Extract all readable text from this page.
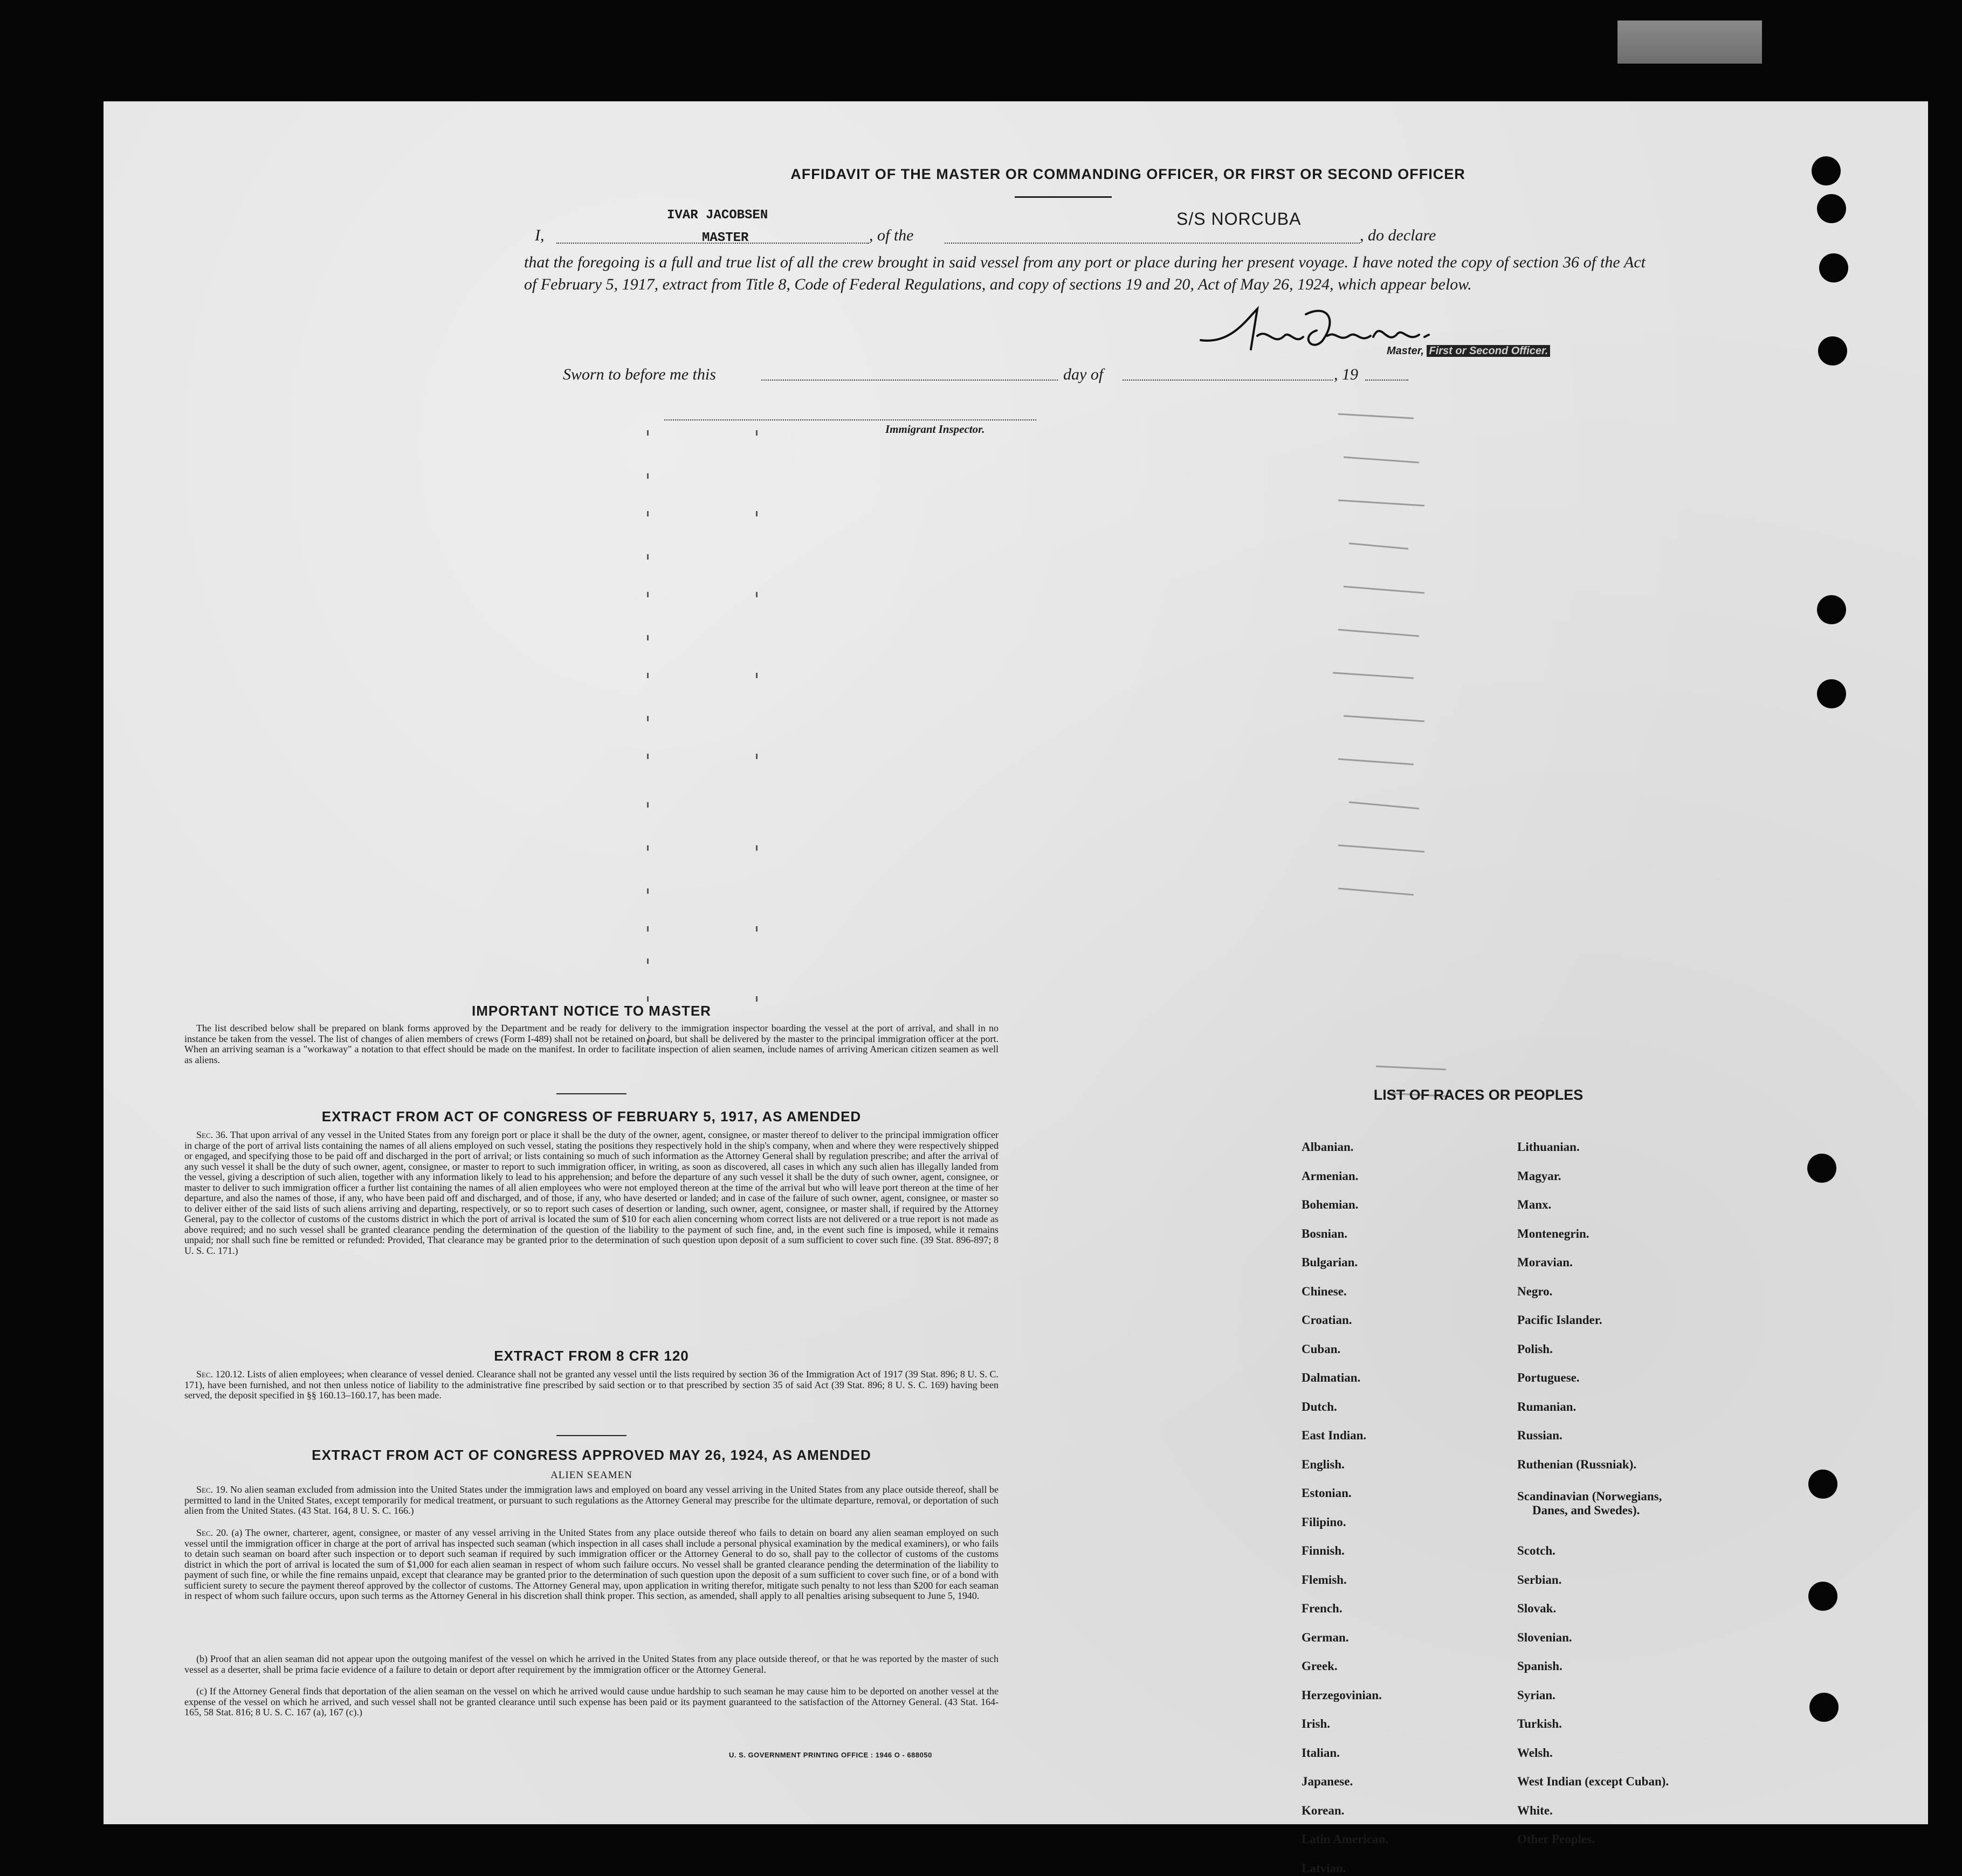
AFFIDAVIT OF THE MASTER OR COMMANDING OFFICER, OR FIRST OR SECOND OFFICER
I,
IVAR JACOBSEN
MASTER	, of the
S/S NORCUBA
, do declare
that the foregoing is a full and true list of all the crew brought in said vessel from any port or place during her present voyage. I have noted the copy of section 36 of the Act of February 5, 1917, extract from Title 8, Code of Federal Regulations, and copy of sections 19 and 20, Act of May 26, 1924, which appear below.
Master, First or Second Officer.
Sworn to before me this	day of	, 19
Immigrant Inspector.
IMPORTANT NOTICE TO MASTER
The list described below shall be prepared on blank forms approved by the Department and be ready for delivery to the immigration inspector boarding the vessel at the port of arrival, and shall in no instance be taken from the vessel. The list of changes of alien members of crews (Form I-489) shall not be retained on board, but shall be delivered by the master to the principal immigration officer at the port. When an arriving seaman is a "workaway" a notation to that effect should be made on the manifest. In order to facilitate inspection of alien seamen, include names of arriving American citizen seamen as well as aliens.
EXTRACT FROM ACT OF CONGRESS OF FEBRUARY 5, 1917, AS AMENDED
Sec. 36. That upon arrival of any vessel in the United States from any foreign port or place it shall be the duty of the owner, agent, consignee, or master thereof to deliver to the principal immigration officer in charge of the port of arrival lists containing the names of all aliens employed on such vessel, stating the positions they respectively hold in the ship's company, when and where they were respectively shipped or engaged, and specifying those to be paid off and discharged in the port of arrival; or lists containing so much of such information as the Attorney General shall by regulation prescribe; and after the arrival of any such vessel it shall be the duty of such owner, agent, consignee, or master to report to such immigration officer, in writing, as soon as discovered, all cases in which any such alien has illegally landed from the vessel, giving a description of such alien, together with any information likely to lead to his apprehension; and before the departure of any such vessel it shall be the duty of such owner, agent, consignee, or master to deliver to such immigration officer a further list containing the names of all alien employees who were not employed thereon at the time of the arrival but who will leave port thereon at the time of her departure, and also the names of those, if any, who have been paid off and discharged, and of those, if any, who have deserted or landed; and in case of the failure of such owner, agent, consignee, or master so to deliver either of the said lists of such aliens arriving and departing, respectively, or so to report such cases of desertion or landing, such owner, agent, consignee, or master shall, if required by the Attorney General, pay to the collector of customs of the customs district in which the port of arrival is located the sum of $10 for each alien concerning whom correct lists are not delivered or a true report is not made as above required; and no such vessel shall be granted clearance pending the determination of the question of the liability to the payment of such fine, and, in the event such fine is imposed, while it remains unpaid; nor shall such fine be remitted or refunded: Provided, That clearance may be granted prior to the determination of such question upon deposit of a sum sufficient to cover such fine. (39 Stat. 896-897; 8 U. S. C. 171.)
EXTRACT FROM 8 CFR 120
Sec. 120.12. Lists of alien employees; when clearance of vessel denied. Clearance shall not be granted any vessel until the lists required by section 36 of the Immigration Act of 1917 (39 Stat. 896; 8 U. S. C. 171), have been furnished, and not then unless notice of liability to the administrative fine prescribed by said section or to that prescribed by section 35 of said Act (39 Stat. 896; 8 U. S. C. 169) having been served, the deposit specified in §§ 160.13–160.17, has been made.
EXTRACT FROM ACT OF CONGRESS APPROVED MAY 26, 1924, AS AMENDED
ALIEN SEAMEN
Sec. 19. No alien seaman excluded from admission into the United States under the immigration laws and employed on board any vessel arriving in the United States from any place outside thereof, shall be permitted to land in the United States, except temporarily for medical treatment, or pursuant to such regulations as the Attorney General may prescribe for the ultimate departure, removal, or deportation of such alien from the United States. (43 Stat. 164, 8 U. S. C. 166.)
Sec. 20. (a) The owner, charterer, agent, consignee, or master of any vessel arriving in the United States from any place outside thereof who fails to detain on board any alien seaman employed on such vessel until the immigration officer in charge at the port of arrival has inspected such seaman (which inspection in all cases shall include a personal physical examination by the medical examiners), or who fails to detain such seaman on board after such inspection or to deport such seaman if required by such immigration officer or the Attorney General to do so, shall pay to the collector of customs of the customs district in which the port of arrival is located the sum of $1,000 for each alien seaman in respect of whom such failure occurs. No vessel shall be granted clearance pending the determination of the liability to payment of such fine, or while the fine remains unpaid, except that clearance may be granted prior to the determination of such question upon the deposit of a sum sufficient to cover such fine, or of a bond with sufficient surety to secure the payment thereof approved by the collector of customs. The Attorney General may, upon application in writing therefor, mitigate such penalty to not less than $200 for each seaman in respect of whom such failure occurs, upon such terms as the Attorney General in his discretion shall think proper. This section, as amended, shall apply to all penalties arising subsequent to June 5, 1940.
(b) Proof that an alien seaman did not appear upon the outgoing manifest of the vessel on which he arrived in the United States from any place outside thereof, or that he was reported by the master of such vessel as a deserter, shall be prima facie evidence of a failure to detain or deport after requirement by the immigration officer or the Attorney General.
(c) If the Attorney General finds that deportation of the alien seaman on the vessel on which he arrived would cause undue hardship to such seaman he may cause him to be deported on another vessel at the expense of the vessel on which he arrived, and such vessel shall not be granted clearance until such expense has been paid or its payment guaranteed to the satisfaction of the Attorney General. (43 Stat. 164-165, 58 Stat. 816; 8 U. S. C. 167 (a), 167 (c).)
U. S. GOVERNMENT PRINTING OFFICE : 1946 O - 688050
LIST OF RACES OR PEOPLES
Albanian.
Armenian.
Bohemian.
Bosnian.
Bulgarian.
Chinese.
Croatian.
Cuban.
Dalmatian.
Dutch.
East Indian.
English.
Estonian.
Filipino.
Finnish.
Flemish.
French.
German.
Greek.
Herzegovinian.
Irish.
Italian.
Japanese.
Korean.
Latin American.
Latvian.
Lithuanian.
Magyar.
Manx.
Montenegrin.
Moravian.
Negro.
Pacific Islander.
Polish.
Portuguese.
Rumanian.
Russian.
Ruthenian (Russniak).
Scandinavian (Norwegians,
Danes, and Swedes).
Scotch.
Serbian.
Slovak.
Slovenian.
Spanish.
Syrian.
Turkish.
Welsh.
West Indian (except Cuban).
White.
Other Peoples.
